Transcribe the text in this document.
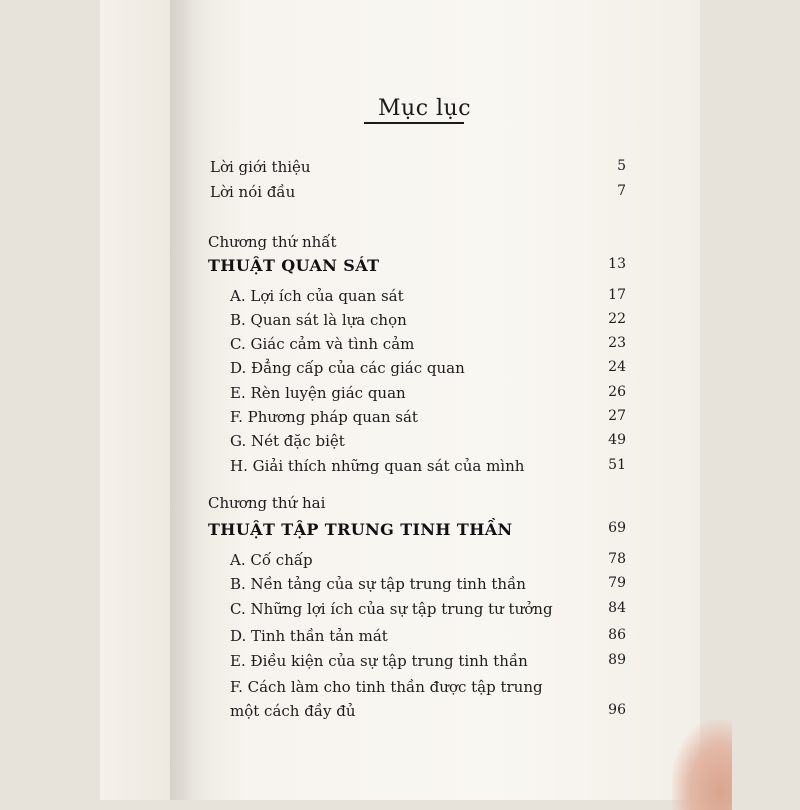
Mục lục
Lời giới thiệu	5
Lời nói đầu	7
Chương thứ nhất
THUẬT QUAN SÁT	13
A. Lợi ích của quan sát	17
B. Quan sát là lựa chọn	22
C. Giác cảm và tình cảm	23
D. Đẳng cấp của các giác quan	24
E. Rèn luyện giác quan	26
F. Phương pháp quan sát	27
G. Nét đặc biệt	49
H. Giải thích những quan sát của mình	51
Chương thứ hai
THUẬT TẬP TRUNG TINH THẦN	69
A. Cố chấp	78
B. Nền tảng của sự tập trung tinh thần	79
C. Những lợi ích của sự tập trung tư tưởng	84
D. Tinh thần tản mát	86
E. Điều kiện của sự tập trung tinh thần	89
F. Cách làm cho tinh thần được tập trung
một cách đầy đủ	96
